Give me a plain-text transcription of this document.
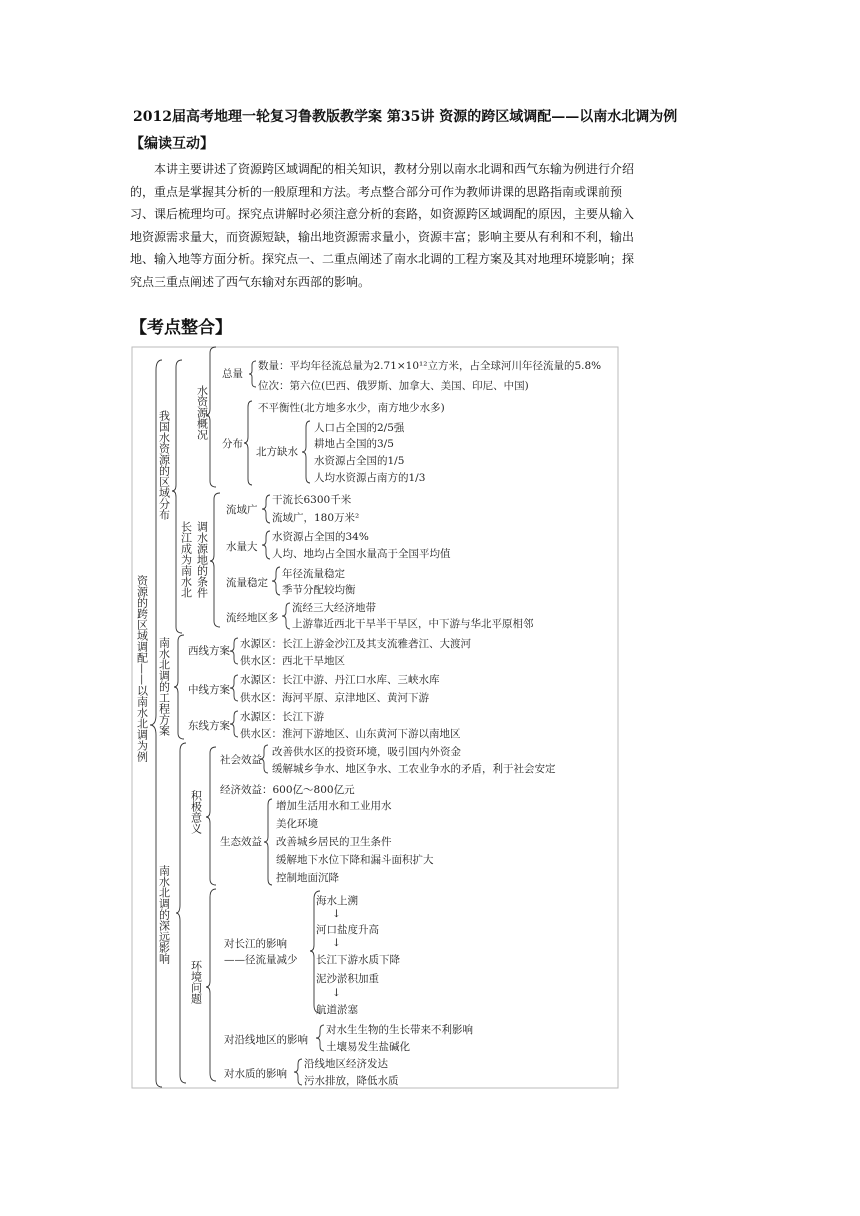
2012届高考地理一轮复习鲁教版教学案 第35讲 资源的跨区域调配——以南水北调为例
【编读互动】

本讲主要讲述了资源跨区域调配的相关知识，教材分别以南水北调和西气东输为例进行介绍的，重点是掌握其分析的一般原理和方法。考点整合部分可作为教师讲课的思路指南或课前预习、课后梳理均可。探究点讲解时必须注意分析的套路，如资源跨区域调配的原因，主要从输入地资源需求量大，而资源短缺，输出地资源需求量小，资源丰富；影响主要从有利和不利，输出地、输入地等方面分析。探究点一、二重点阐述了南水北调的工程方案及其对地理环境影响；探究点三重点阐述了西气东输对东西部的影响。

【考点整合】
资源的跨区域调配——以南水北调为例
我国水资源的区域分布 水资源概况
总量
数量：平均年径流总量为2.71×10¹²立方米，占全球河川年径流量的5.8%
位次：第六位(巴西、俄罗斯、加拿大、美国、印尼、中国)
不平衡性(北方地多水少，南方地少水多)
分布
北方缺水
人口占全国的2/5强
耕地占全国的3/5
水资源占全国的1/5
人均水资源占南方的1/3
长江成为南水北 调水源地的条件
流域广
干流长6300千米
流域广，180万米²
水量大
水资源占全国的34%
人均、地均占全国水量高于全国平均值
流量稳定
年径流量稳定
季节分配较均衡
流经地区多
流经三大经济地带
上游靠近西北干旱半干旱区，中下游与华北平原相邻
南水北调的工程方案 西线方案
水源区：长江上游金沙江及其支流雅砻江、大渡河
供水区：西北干旱地区
中线方案
水源区：长江中游、丹江口水库、三峡水库
供水区：海河平原、京津地区、黄河下游
东线方案
水源区：长江下游
供水区：淮河下游地区、山东黄河下游以南地区
南水北调的深远影响
积极意义
社会效益
改善供水区的投资环境，吸引国内外资金
缓解城乡争水、地区争水、工农业争水的矛盾，利于社会安定
经济效益：600亿～800亿元
生态效益
增加生活用水和工业用水
美化环境
改善城乡居民的卫生条件
缓解地下水位下降和漏斗面积扩大
控制地面沉降
环境问题
对长江的影响
——径流量减少
海水上溯
↓
河口盐度升高
↓
长江下游水质下降
泥沙淤积加重
↓
航道淤塞
对沿线地区的影响
对水生生物的生长带来不利影响
土壤易发生盐碱化
对水质的影响
沿线地区经济发达
污水排放，降低水质
